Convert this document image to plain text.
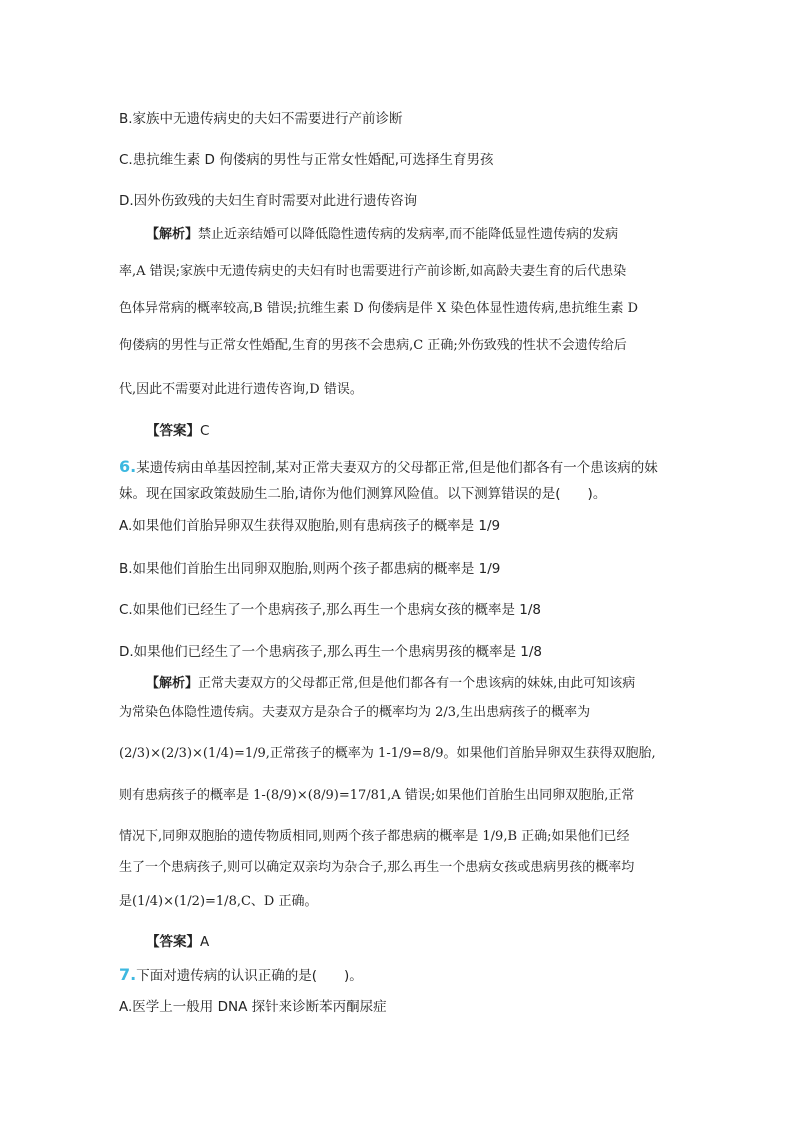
B.家族中无遗传病史的夫妇不需要进行产前诊断
C.患抗维生素 D 佝偻病的男性与正常女性婚配,可选择生育男孩
D.因外伤致残的夫妇生育时需要对此进行遗传咨询
【解析】禁止近亲结婚可以降低隐性遗传病的发病率,而不能降低显性遗传病的发病
率,A 错误;家族中无遗传病史的夫妇有时也需要进行产前诊断,如高龄夫妻生育的后代患染
色体异常病的概率较高,B 错误;抗维生素 D 佝偻病是伴 X 染色体显性遗传病,患抗维生素 D
佝偻病的男性与正常女性婚配,生育的男孩不会患病,C 正确;外伤致残的性状不会遗传给后
代,因此不需要对此进行遗传咨询,D 错误。
【答案】C
6.某遗传病由单基因控制,某对正常夫妻双方的父母都正常,但是他们都各有一个患该病的妹
妹。现在国家政策鼓励生二胎,请你为他们测算风险值。以下测算错误的是(　　)。
A.如果他们首胎异卵双生获得双胞胎,则有患病孩子的概率是 1/9
B.如果他们首胎生出同卵双胞胎,则两个孩子都患病的概率是 1/9
C.如果他们已经生了一个患病孩子,那么再生一个患病女孩的概率是 1/8
D.如果他们已经生了一个患病孩子,那么再生一个患病男孩的概率是 1/8
【解析】正常夫妻双方的父母都正常,但是他们都各有一个患该病的妹妹,由此可知该病
为常染色体隐性遗传病。夫妻双方是杂合子的概率均为 2/3,生出患病孩子的概率为
(2/3)×(2/3)×(1/4)=1/9,正常孩子的概率为 1-1/9=8/9。如果他们首胎异卵双生获得双胞胎,
则有患病孩子的概率是 1-(8/9)×(8/9)=17/81,A 错误;如果他们首胎生出同卵双胞胎,正常
情况下,同卵双胞胎的遗传物质相同,则两个孩子都患病的概率是 1/9,B 正确;如果他们已经
生了一个患病孩子,则可以确定双亲均为杂合子,那么再生一个患病女孩或患病男孩的概率均
是(1/4)×(1/2)=1/8,C、D 正确。
【答案】A
7.下面对遗传病的认识正确的是(　　)。
A.医学上一般用 DNA 探针来诊断苯丙酮尿症
